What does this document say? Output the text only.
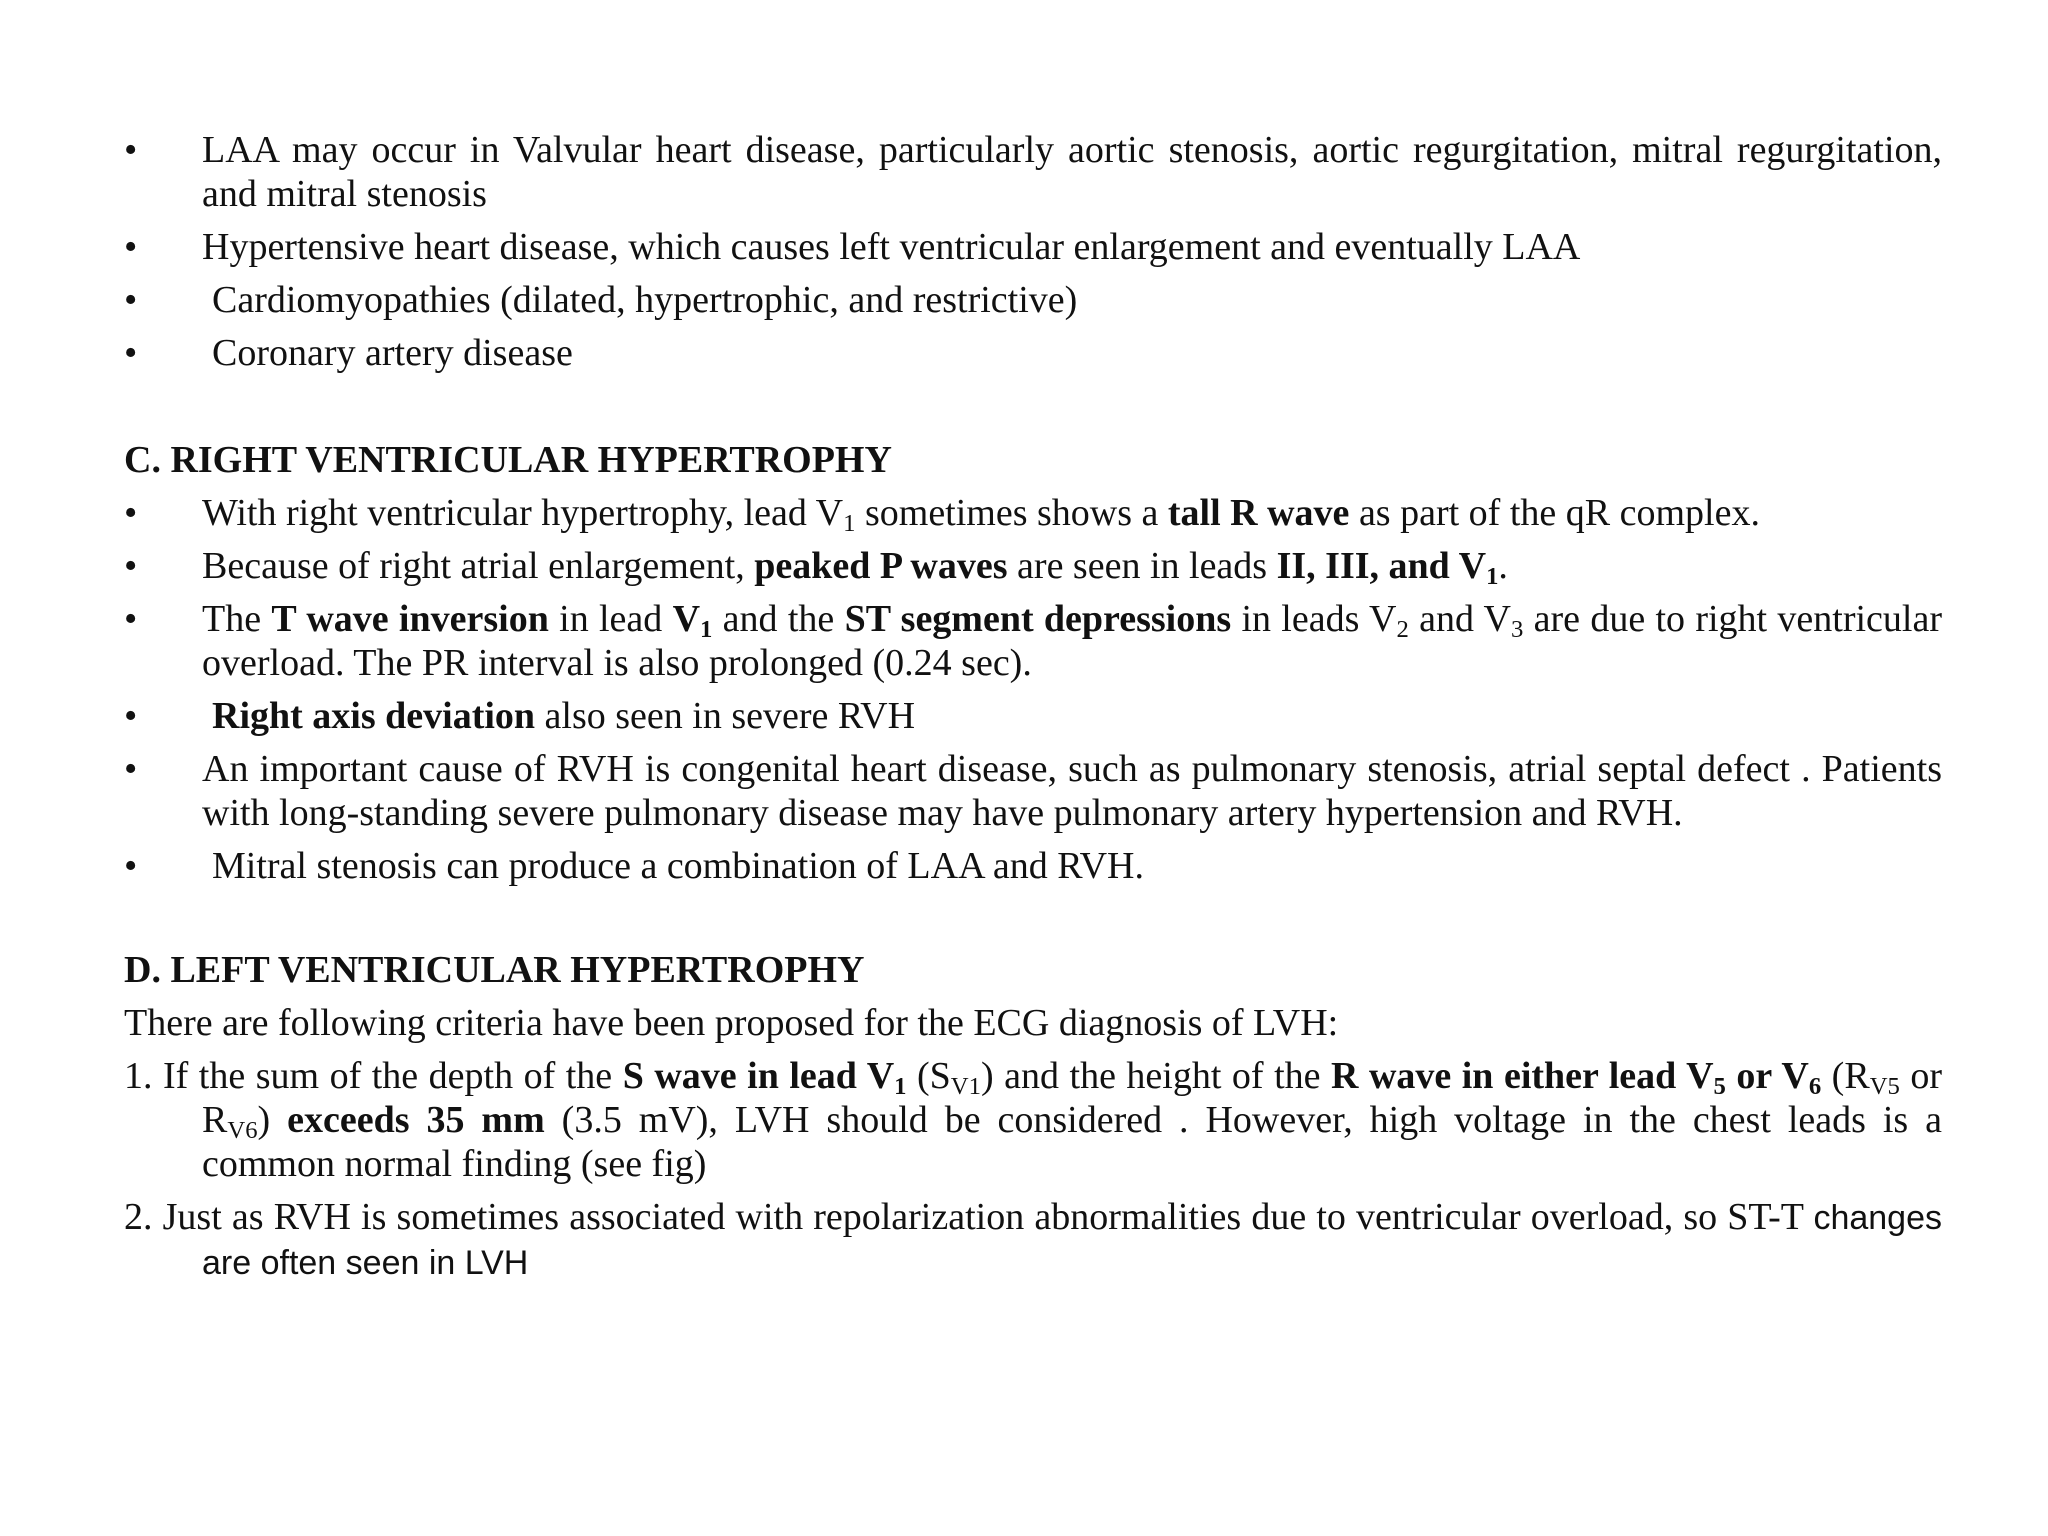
• LAA may occur in Valvular heart disease, particularly aortic stenosis, aortic regurgitation, mitral regurgitation, and mitral stenosis
• Hypertensive heart disease, which causes left ventricular enlargement and eventually LAA
• Cardiomyopathies (dilated, hypertrophic, and restrictive)
• Coronary artery disease
C. RIGHT VENTRICULAR HYPERTROPHY
• With right ventricular hypertrophy, lead $V_1$ sometimes shows a tall R wave as part of the qR complex.
• Because of right atrial enlargement, peaked P waves are seen in leads II, III, and $V_1$.
• The T wave inversion in lead $V_1$ and the ST segment depressions in leads $V_2$ and $V_3$ are due to right ventricular overload. The PR interval is also prolonged (0.24 sec).
• Right axis deviation also seen in severe RVH
• An important cause of RVH is congenital heart disease, such as pulmonary stenosis, atrial septal defect . Patients with long-standing severe pulmonary disease may have pulmonary artery hypertension and RVH.
• Mitral stenosis can produce a combination of LAA and RVH.
D. LEFT VENTRICULAR HYPERTROPHY
There are following criteria have been proposed for the ECG diagnosis of LVH:
1. If the sum of the depth of the S wave in lead $V_1$ $(S_{V1})$ and the height of the R wave in either lead $V_5$ or $V_6$ ($R_{V5}$ or $R_{V6}$) exceeds 35 mm (3.5 mV), LVH should be considered . However, high voltage in the chest leads is a common normal finding (see fig)
2. Just as RVH is sometimes associated with repolarization abnormalities due to ventricular overload, so ST-T changes are often seen in LVH
